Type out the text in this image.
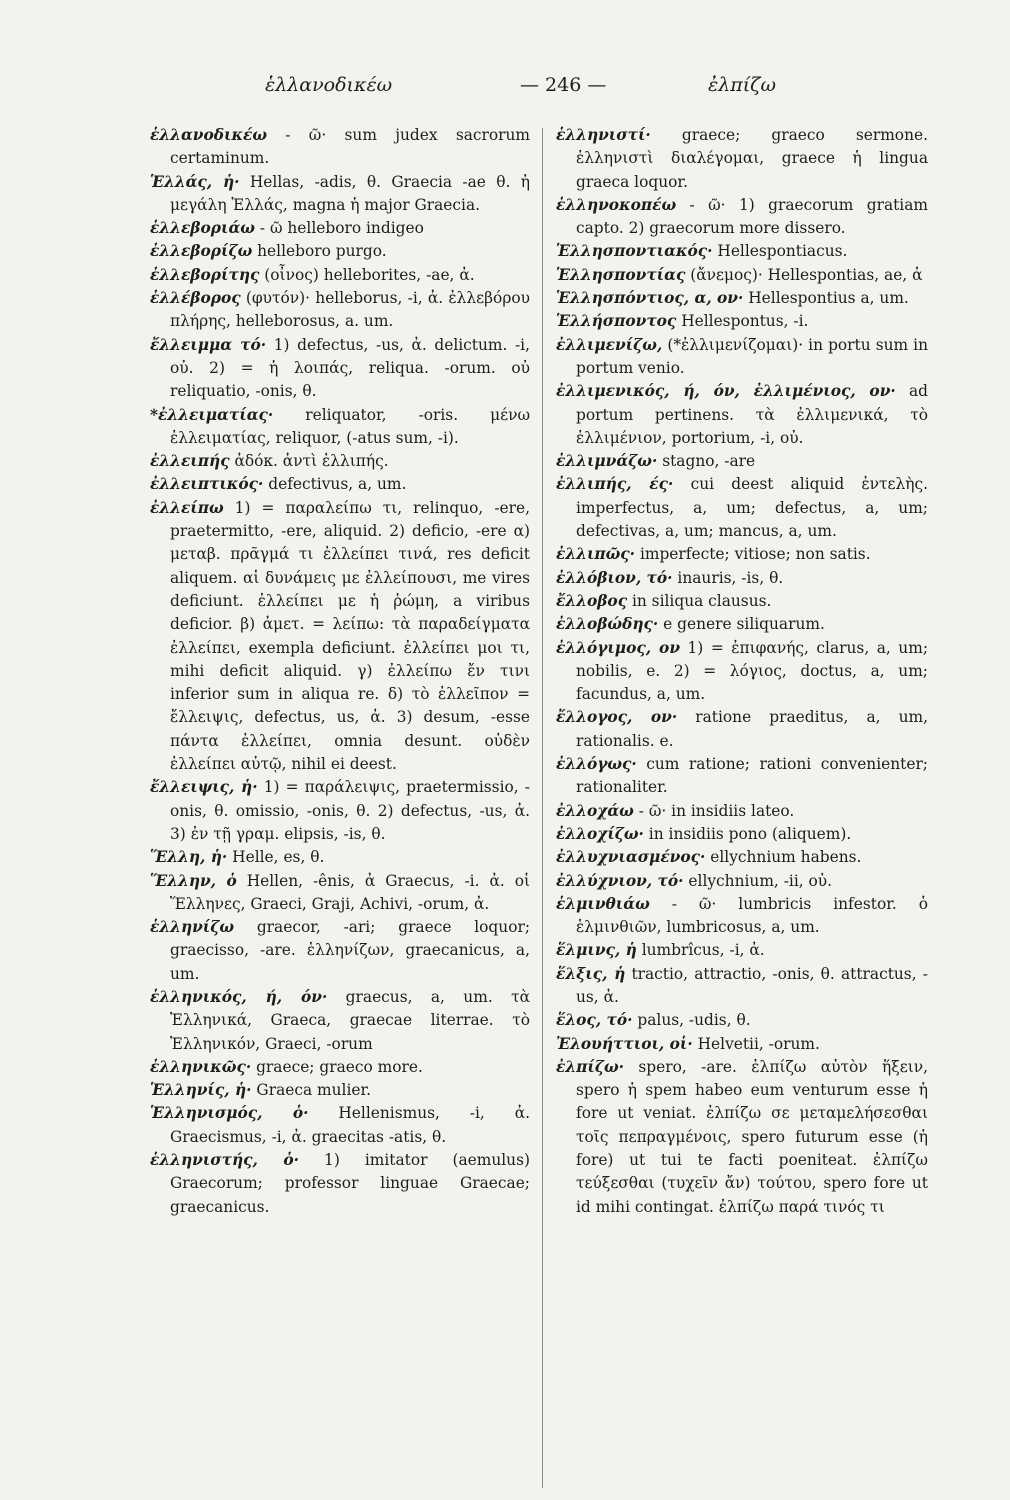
ἑλλανοδικέω	— 246 —	ἐλπίζω

ἑλλανοδικέω - ῶ· sum judex sacrorum certaminum.

Ἑλλάς, ἡ· Hellas, -adis, θ. Graecia -ae θ. ἡ μεγάλη Ἑλλάς, magna ἡ major Graecia.

ἑλλεβοριάω - ῶ helleboro indigeo

ἑλλεβορίζω helleboro purgo.

ἑλλεβορίτης (οἶνος) helleborites, -ae, ἀ.

ἑλλέβορος (φυτόν)· helleborus, -i, ἀ. ἐλλεβόρου πλήρης, helleborosus, a. um.

ἔλλειμμα τό· 1) defectus, -us, ἀ. delictum. -i, οὐ. 2) = ἡ λοιπάς, reliqua. -orum. οὐ reliquatio, -onis, θ.

*ἐλλειματίας· reliquator, -oris. μένω ἐλλειματίας, reliquor, (-atus sum, -i).

ἐλλειπής ἀδόκ. ἀντὶ ἐλλιπής.

ἐλλειπτικός· defectivus, a, um.

ἐλλείπω 1) = παραλείπω τι, relinquo, -ere, praetermitto, -ere, aliquid. 2) deficio, -ere α) μεταβ. πρᾶγμά τι ἐλλείπει τινά, res deficit aliquem. αἱ δυνάμεις με ἐλλείπουσι, me vires deficiunt. ἐλλείπει με ἡ ῥώμη, a viribus deficior. β) ἀμετ. = λείπω: τὰ παραδείγματα ἐλλείπει, exempla deficiunt. ἐλλείπει μοι τι, mihi deficit aliquid. γ) ἐλλείπω ἔν τινι inferior sum in aliqua re. δ) τὸ ἐλλεῖπον = ἔλλειψις, defectus, us, ἀ. 3) desum, -esse πάντα ἐλλείπει, omnia desunt. οὐδὲν ἐλλείπει αὐτῷ, nihil ei deest.

ἔλλειψις, ἡ· 1) = παράλειψις, praetermissio, -onis, θ. omissio, -onis, θ. 2) defectus, -us, ἀ. 3) ἐν τῇ γραμ. elipsis, -is, θ.

Ἕλλη, ἡ· Helle, es, θ.

Ἕλλην, ὁ Hellen, -ênis, ἀ Graecus, -i. ἀ. οἱ Ἕλληνες, Graeci, Graji, Achivi, -orum, ἀ.

ἑλληνίζω graecor, -ari; graece loquor; graecisso, -are. ἑλληνίζων, graecanicus, a, um.

ἑλληνικός, ή, όν· graecus, a, um. τὰ Ἑλληνικά, Graeca, graecae literrae. τὸ Ἑλληνικόν, Graeci, -orum

ἑλληνικῶς· graece; graeco more.

Ἑλληνίς, ἡ· Graeca mulier.

Ἑλληνισμός, ὁ· Hellenismus, -i, ἀ. Graecismus, -i, ἀ. graecitas -atis, θ.

ἑλληνιστής, ὁ· 1) imitator (aemulus) Graecorum; professor linguae Graecae; graecanicus.

ἑλληνιστί· graece; graeco sermone. ἐλληνιστὶ διαλέγομαι, graece ἡ lingua graeca loquor.

ἑλληνοκοπέω - ῶ· 1) graecorum gratiam capto. 2) graecorum more dissero.

Ἑλλησποντιακός· Hellespontiacus.

Ἑλλησποντίας (ἄνεμος)· Hellespontias, ae, ἀ

Ἑλλησπόντιος, α, ον· Hellespontius a, um.

Ἑλλήσποντος Hellespontus, -i.

ἐλλιμενίζω, (*ἐλλιμενίζομαι)· in portu sum in portum venio.

ἐλλιμενικός, ή, όν, ἐλλιμένιος, ον· ad portum pertinens. τὰ ἐλλιμενικά, τὸ ἐλλιμένιον, portorium, -i, οὐ.

ἐλλιμνάζω· stagno, -are

ἐλλιπής, ές· cui deest aliquid ἐντελὴς. imperfectus, a, um; defectus, a, um; defectivas, a, um; mancus, a, um.

ἐλλιπῶς· imperfecte; vitiose; non satis.

ἐλλόβιον, τό· inauris, -is, θ.

ἔλλοβος in siliqua clausus.

ἐλλοβώδης· e genere siliquarum.

ἐλλόγιμος, ον 1) = ἐπιφανής, clarus, a, um; nobilis, e. 2) = λόγιος, doctus, a, um; facundus, a, um.

ἔλλογος, ον· ratione praeditus, a, um, rationalis. e.

ἐλλόγως· cum ratione; rationi convenienter; rationaliter.

ἐλλοχάω - ῶ· in insidiis lateo.

ἐλλοχίζω· in insidiis pono (aliquem).

ἐλλυχνιασμένος· ellychnium habens.

ἐλλύχνιον, τό· ellychnium, -ii, οὐ.

ἑλμινθιάω - ῶ· lumbricis infestor. ὁ ἑλμινθιῶν, lumbricosus, a, um.

ἕλμινς, ἡ lumbrîcus, -i, ἀ.

ἕλξις, ἡ tractio, attractio, -onis, θ. attractus, -us, ἀ.

ἕλος, τό· palus, -udis, θ.

Ἐλουήττιοι, οἱ· Helvetii, -orum.

ἐλπίζω· spero, -are. ἐλπίζω αὐτὸν ἥξειν, spero ἡ spem habeo eum venturum esse ἡ fore ut veniat. ἐλπίζω σε μεταμελήσεσθαι τοῖς πεπραγμένοις, spero futurum esse (ἡ fore) ut tui te facti poeniteat. ἐλπίζω τεύξεσθαι (τυχεῖν ἄν) τούτου, spero fore ut id mihi contingat. ἐλπίζω παρά τινός τι
